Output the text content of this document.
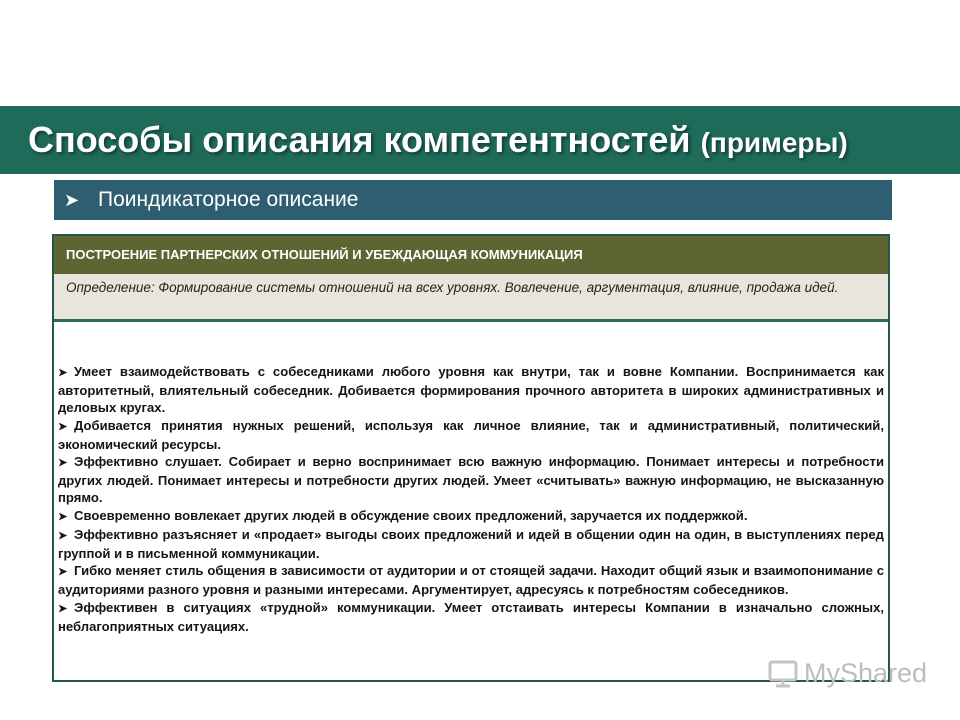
Способы описания компетентностей (примеры)
➤ Поиндикаторное описание
ПОСТРОЕНИЕ ПАРТНЕРСКИХ ОТНОШЕНИЙ И УБЕЖДАЮЩАЯ КОММУНИКАЦИЯ

Определение: Формирование системы отношений на всех уровнях. Вовлечение, аргументация, влияние, продажа идей.

➤ Умеет взаимодействовать с собеседниками любого уровня как внутри, так и вовне Компании. Воспринимается как авторитетный, влиятельный собеседник. Добивается формирования прочного авторитета в широких административных и деловых кругах.
➤ Добивается принятия нужных решений, используя как личное влияние, так и административный, политический, экономический ресурсы.
➤ Эффективно слушает. Собирает и верно воспринимает всю важную информацию. Понимает интересы и потребности других людей. Понимает интересы и потребности других людей. Умеет «считывать» важную информацию, не высказанную прямо.
➤ Своевременно вовлекает других людей в обсуждение своих предложений, заручается их поддержкой.
➤ Эффективно разъясняет и «продает» выгоды своих предложений и идей в общении один на один, в выступлениях перед группой и в письменной коммуникации.
➤ Гибко меняет стиль общения в зависимости от аудитории и от стоящей задачи. Находит общий язык и взаимопонимание с аудиториями разного уровня и разными интересами. Аргументирует, адресуясь к потребностям собеседников.
➤ Эффективен в ситуациях «трудной» коммуникации. Умеет отстаивать интересы Компании в изначально сложных, неблагоприятных ситуациях.
MyShared
